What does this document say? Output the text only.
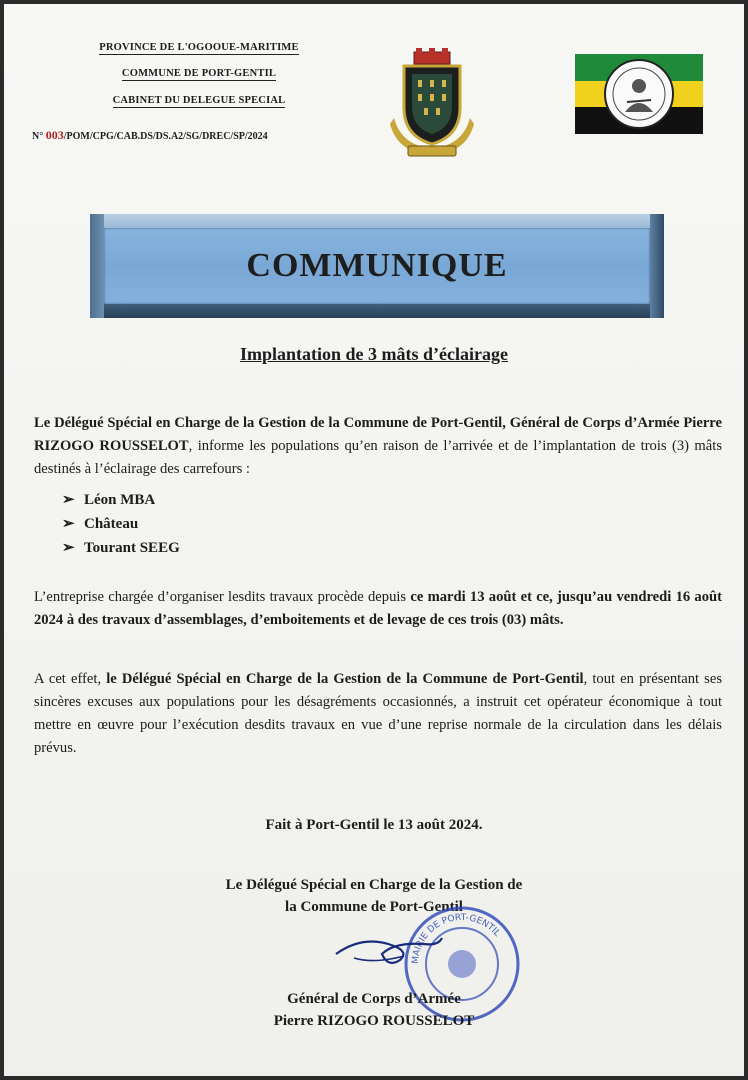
PROVINCE DE L'OGOOUE-MARITIME
COMMUNE DE PORT-GENTIL
CABINET DU DELEGUE SPECIAL
N° 003/POM/CPG/CAB.DS/DS.A2/SG/DREC/SP/2024
COMMUNIQUE
Implantation de 3 mâts d’éclairage
Le Délégué Spécial en Charge de la Gestion de la Commune de Port-Gentil, Général de Corps d’Armée Pierre RIZOGO ROUSSELOT, informe les populations qu’en raison de l’arrivée et de l’implantation de trois (3) mâts destinés à l’éclairage des carrefours :
➢ Léon MBA
➢ Château
➢ Tourant SEEG
L’entreprise chargée d’organiser lesdits travaux procède depuis ce mardi 13 août et ce, jusqu’au vendredi 16 août 2024 à des travaux d’assemblages, d’emboitements et de levage de ces trois (03) mâts.
A cet effet, le Délégué Spécial en Charge de la Gestion de la Commune de Port-Gentil, tout en présentant ses sincères excuses aux populations pour les désagréments occasionnés, a instruit cet opérateur économique à tout mettre en œuvre pour l’exécution desdits travaux en vue d’une reprise normale de la circulation dans les délais prévus.
Fait à Port-Gentil le 13 août 2024.
Le Délégué Spécial en Charge de la Gestion de
la Commune de Port-Gentil
MAIRIE DE PORT-GENTIL
Général de Corps d’Armée
Pierre RIZOGO ROUSSELOT
